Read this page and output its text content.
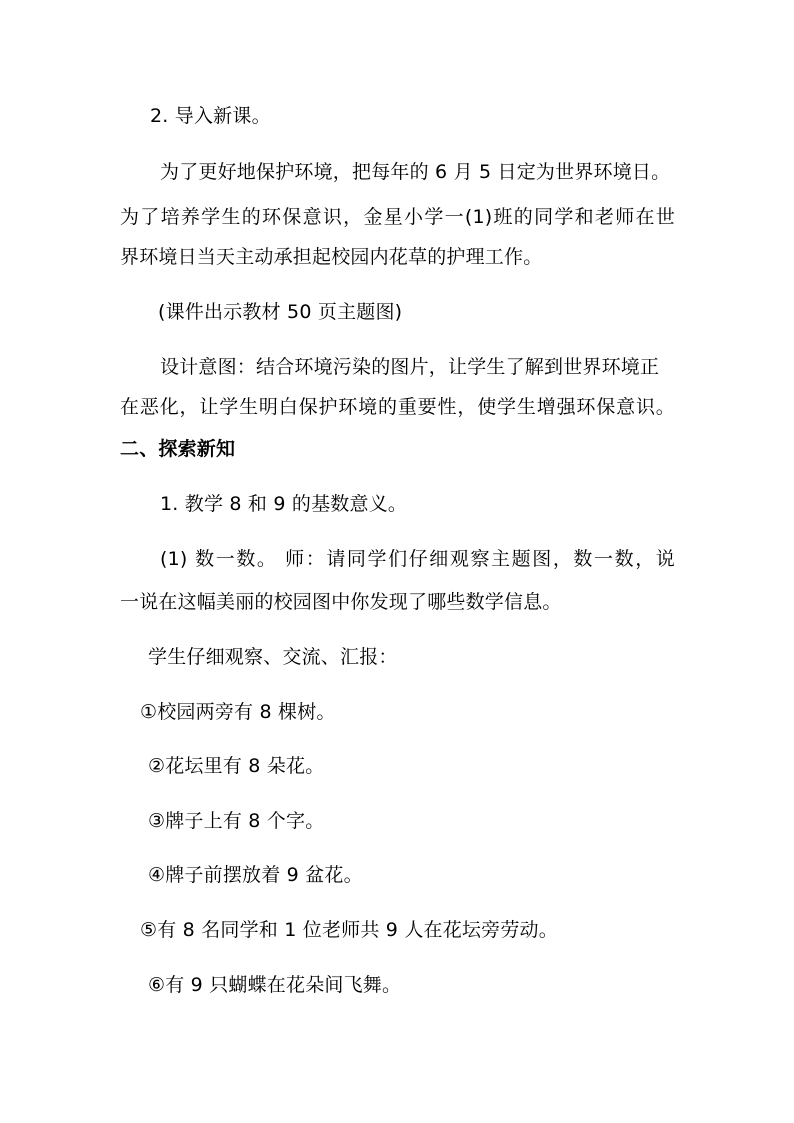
2. 导入新课。
为了更好地保护环境，把每年的 6 月 5 日定为世界环境日。
为了培养学生的环保意识，金星小学一(1)班的同学和老师在世
界环境日当天主动承担起校园内花草的护理工作。
(课件出示教材 50 页主题图)
设计意图：结合环境污染的图片，让学生了解到世界环境正
在恶化，让学生明白保护环境的重要性，使学生增强环保意识。
二、探索新知
1. 教学 8 和 9 的基数意义。
(1) 数一数。 师：请同学们仔细观察主题图，数一数，说
一说在这幅美丽的校园图中你发现了哪些数学信息。
学生仔细观察、交流、汇报：
①校园两旁有 8 棵树。
②花坛里有 8 朵花。
③牌子上有 8 个字。
④牌子前摆放着 9 盆花。
⑤有 8 名同学和 1 位老师共 9 人在花坛旁劳动。
⑥有 9 只蝴蝶在花朵间飞舞。
